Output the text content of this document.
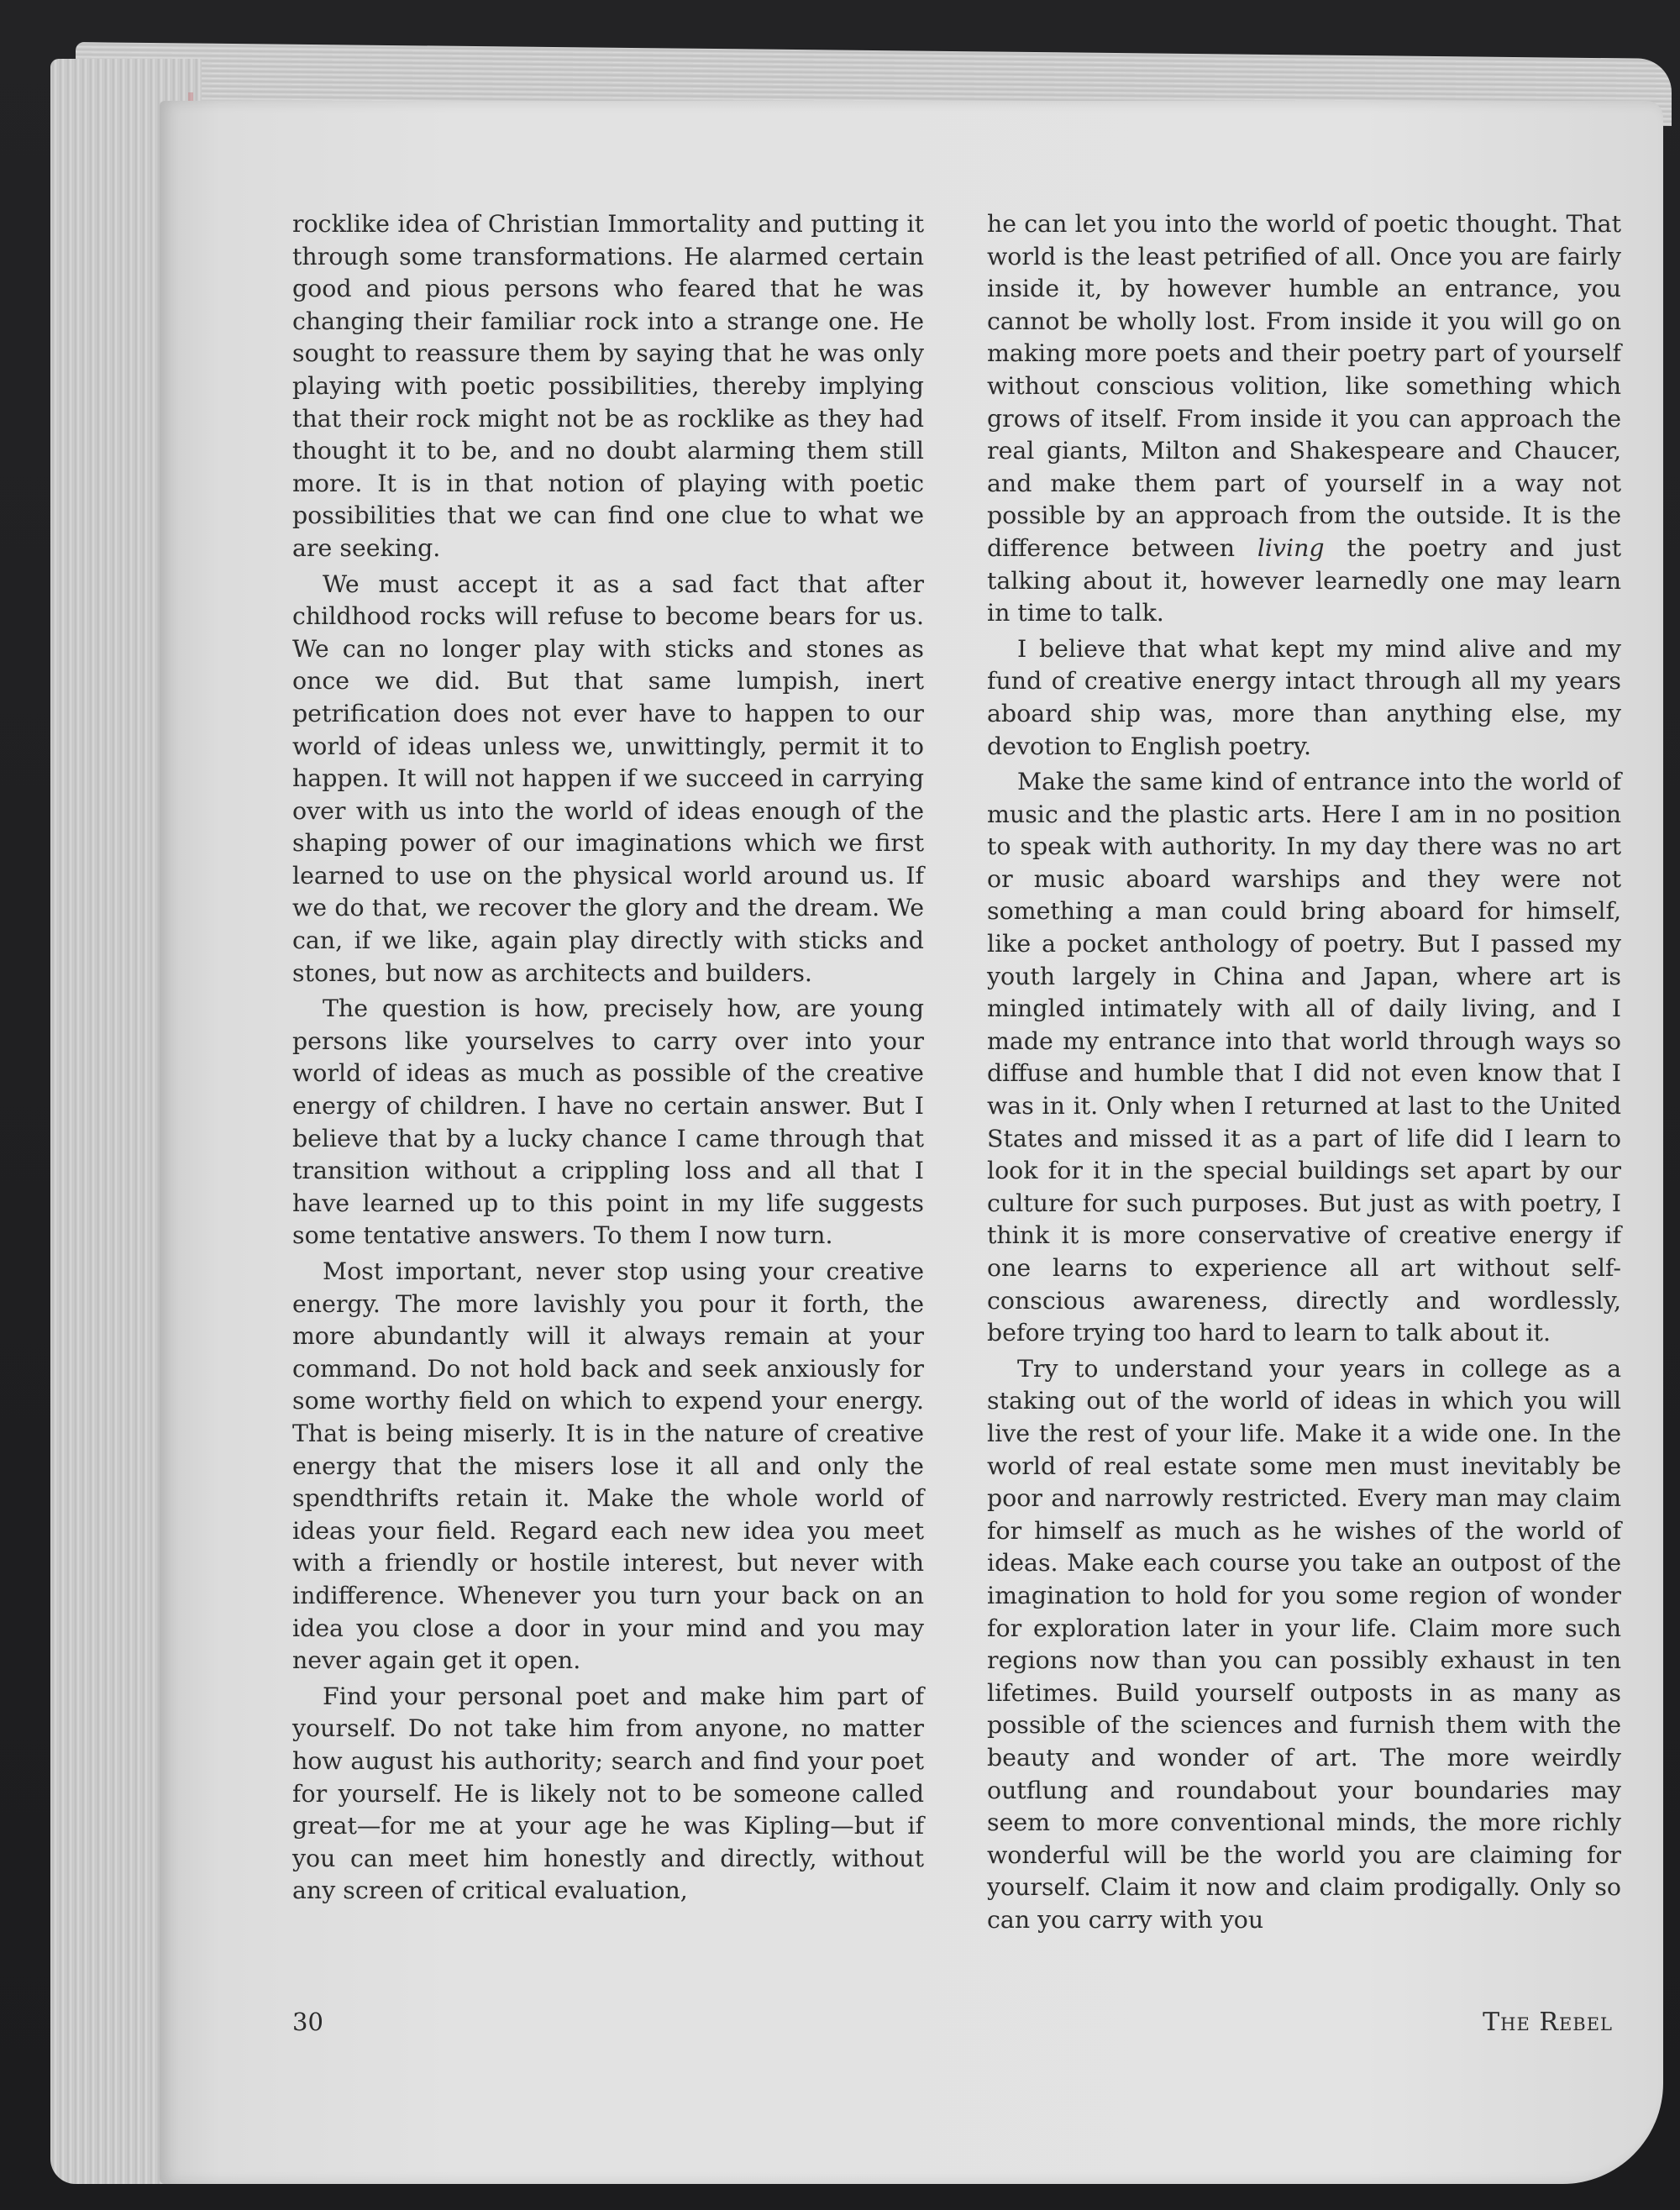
rocklike idea of Christian Immortality and putting it through some transformations. He alarmed certain good and pious persons who feared that he was changing their familiar rock into a strange one. He sought to reassure them by saying that he was only playing with poetic possibilities, thereby implying that their rock might not be as rocklike as they had thought it to be, and no doubt alarming them still more. It is in that notion of playing with poetic possibilities that we can find one clue to what we are seeking.

We must accept it as a sad fact that after childhood rocks will refuse to become bears for us. We can no longer play with sticks and stones as once we did. But that same lumpish, inert petrification does not ever have to happen to our world of ideas unless we, unwittingly, permit it to happen. It will not happen if we succeed in carrying over with us into the world of ideas enough of the shaping power of our imaginations which we first learned to use on the physical world around us. If we do that, we recover the glory and the dream. We can, if we like, again play directly with sticks and stones, but now as architects and builders.

The question is how, precisely how, are young persons like yourselves to carry over into your world of ideas as much as possible of the creative energy of children. I have no certain answer. But I believe that by a lucky chance I came through that transition without a crippling loss and all that I have learned up to this point in my life suggests some tentative answers. To them I now turn.

Most important, never stop using your creative energy. The more lavishly you pour it forth, the more abundantly will it always remain at your command. Do not hold back and seek anxiously for some worthy field on which to expend your energy. That is being miserly. It is in the nature of creative energy that the misers lose it all and only the spendthrifts retain it. Make the whole world of ideas your field. Regard each new idea you meet with a friendly or hostile interest, but never with indifference. Whenever you turn your back on an idea you close a door in your mind and you may never again get it open.

Find your personal poet and make him part of yourself. Do not take him from anyone, no matter how august his authority; search and find your poet for yourself. He is likely not to be someone called great—for me at your age he was Kipling—but if you can meet him honestly and directly, without any screen of critical evaluation,

he can let you into the world of poetic thought. That world is the least petrified of all. Once you are fairly inside it, by however humble an entrance, you cannot be wholly lost. From inside it you will go on making more poets and their poetry part of yourself without conscious volition, like something which grows of itself. From inside it you can approach the real giants, Milton and Shakespeare and Chaucer, and make them part of yourself in a way not possible by an approach from the outside. It is the difference between living the poetry and just talking about it, however learnedly one may learn in time to talk.

I believe that what kept my mind alive and my fund of creative energy intact through all my years aboard ship was, more than anything else, my devotion to English poetry.

Make the same kind of entrance into the world of music and the plastic arts. Here I am in no position to speak with authority. In my day there was no art or music aboard warships and they were not something a man could bring aboard for himself, like a pocket anthology of poetry. But I passed my youth largely in China and Japan, where art is mingled intimately with all of daily living, and I made my entrance into that world through ways so diffuse and humble that I did not even know that I was in it. Only when I returned at last to the United States and missed it as a part of life did I learn to look for it in the special buildings set apart by our culture for such purposes. But just as with poetry, I think it is more conservative of creative energy if one learns to experience all art without self-conscious awareness, directly and wordlessly, before trying too hard to learn to talk about it.

Try to understand your years in college as a staking out of the world of ideas in which you will live the rest of your life. Make it a wide one. In the world of real estate some men must inevitably be poor and narrowly restricted. Every man may claim for himself as much as he wishes of the world of ideas. Make each course you take an outpost of the imagination to hold for you some region of wonder for exploration later in your life. Claim more such regions now than you can possibly exhaust in ten lifetimes. Build yourself outposts in as many as possible of the sciences and furnish them with the beauty and wonder of art. The more weirdly outflung and roundabout your boundaries may seem to more conventional minds, the more richly wonderful will be the world you are claiming for yourself. Claim it now and claim prodigally. Only so can you carry with you

30	The Rebel
